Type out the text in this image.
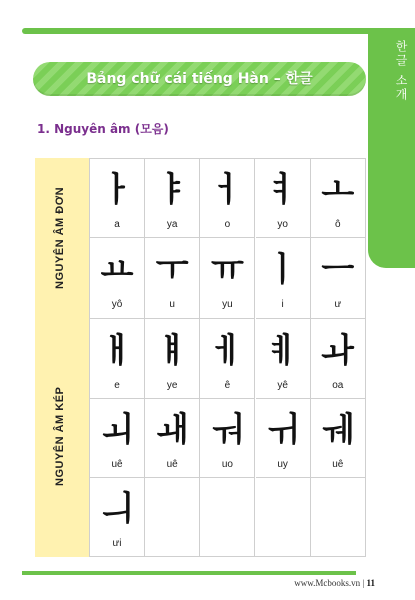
한글 소개
Bảng chữ cái tiếng Hàn – 한글
1. Nguyên âm (모음)
NGUYÊN ÂM ĐƠN
NGUYÊN ÂM KÉP
ㅏ
a
ㅑ
ya
ㅓ
o
ㅕ
yo
ㅗ
ô
ㅛ
yô
ㅜ
u
ㅠ
yu
ㅣ
i
ㅡ
ư
ㅐ
e
ㅒ
ye
ㅔ
ê
ㅖ
yê
ㅘ
oa
ㅚ
uê
ㅙ
uê
ㅝ
uo
ㅟ
uy
ㅞ
uê
ㅢ
ưi
www.Mcbooks.vn | 11
